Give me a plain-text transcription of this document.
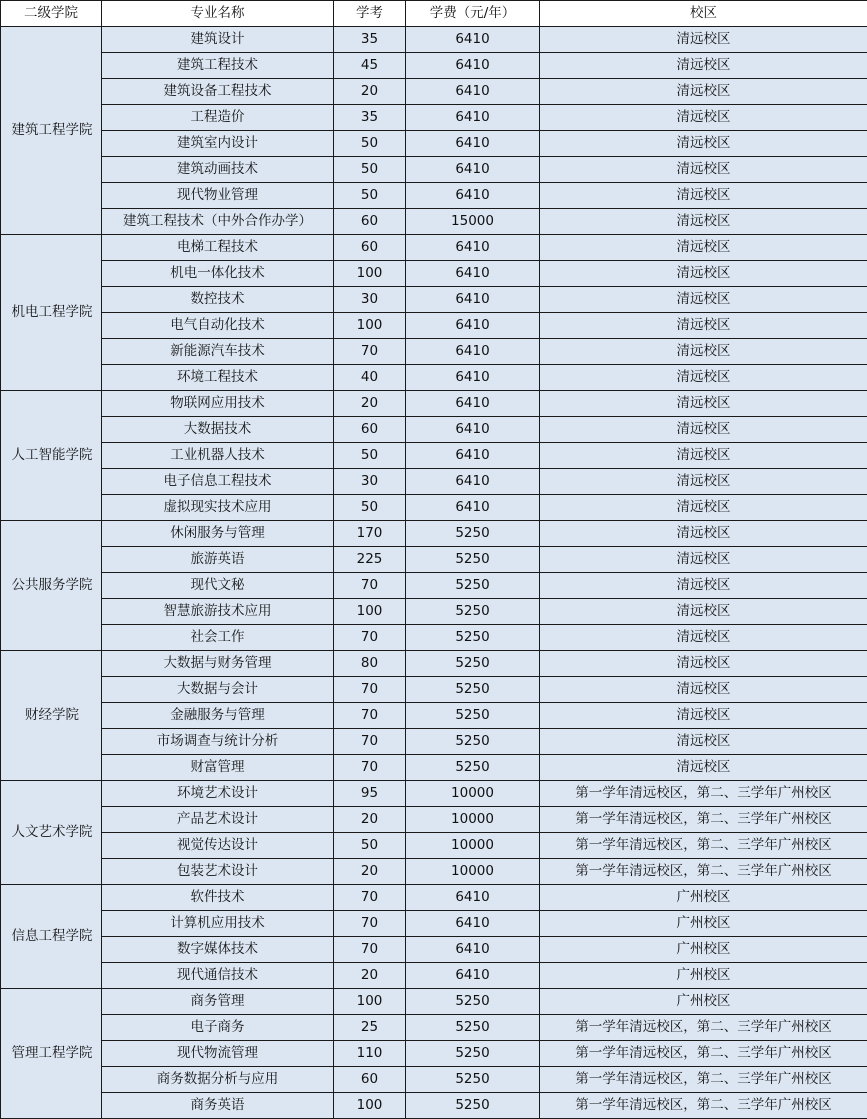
二级学院	专业名称	学考	学费（元/年）	校区
建筑工程学院	建筑设计	35	6410	清远校区
	建筑工程技术	45	6410	清远校区
	建筑设备工程技术	20	6410	清远校区
	工程造价	35	6410	清远校区
	建筑室内设计	50	6410	清远校区
	建筑动画技术	50	6410	清远校区
	现代物业管理	50	6410	清远校区
	建筑工程技术（中外合作办学）	60	15000	清远校区
机电工程学院	电梯工程技术	60	6410	清远校区
	机电一体化技术	100	6410	清远校区
	数控技术	30	6410	清远校区
	电气自动化技术	100	6410	清远校区
	新能源汽车技术	70	6410	清远校区
	环境工程技术	40	6410	清远校区
人工智能学院	物联网应用技术	20	6410	清远校区
	大数据技术	60	6410	清远校区
	工业机器人技术	50	6410	清远校区
	电子信息工程技术	30	6410	清远校区
	虚拟现实技术应用	50	6410	清远校区
公共服务学院	休闲服务与管理	170	5250	清远校区
	旅游英语	225	5250	清远校区
	现代文秘	70	5250	清远校区
	智慧旅游技术应用	100	5250	清远校区
	社会工作	70	5250	清远校区
财经学院	大数据与财务管理	80	5250	清远校区
	大数据与会计	70	5250	清远校区
	金融服务与管理	70	5250	清远校区
	市场调查与统计分析	70	5250	清远校区
	财富管理	70	5250	清远校区
人文艺术学院	环境艺术设计	95	10000	第一学年清远校区，第二、三学年广州校区
	产品艺术设计	20	10000	第一学年清远校区，第二、三学年广州校区
	视觉传达设计	50	10000	第一学年清远校区，第二、三学年广州校区
	包装艺术设计	20	10000	第一学年清远校区，第二、三学年广州校区
信息工程学院	软件技术	70	6410	广州校区
	计算机应用技术	70	6410	广州校区
	数字媒体技术	70	6410	广州校区
	现代通信技术	20	6410	广州校区
管理工程学院	商务管理	100	5250	广州校区
	电子商务	25	5250	第一学年清远校区，第二、三学年广州校区
	现代物流管理	110	5250	第一学年清远校区，第二、三学年广州校区
	商务数据分析与应用	60	5250	第一学年清远校区，第二、三学年广州校区
	商务英语	100	5250	第一学年清远校区，第二、三学年广州校区
